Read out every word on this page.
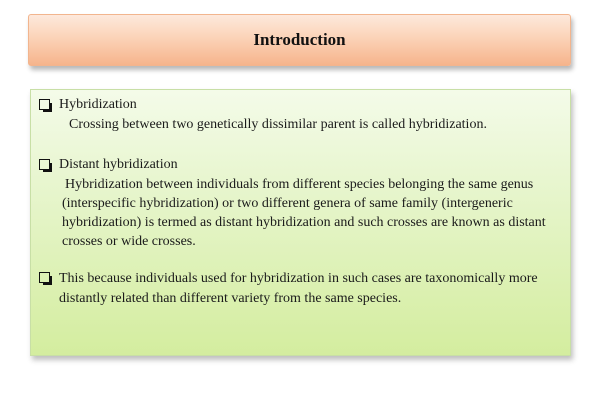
Introduction
Hybridization
Crossing between two genetically dissimilar parent is called hybridization.
Distant hybridization
Hybridization between individuals from different species belonging the same genus (interspecific hybridization) or two different genera of same family (intergeneric hybridization) is termed as distant hybridization and such crosses are known as distant crosses or wide crosses.
This because individuals used for hybridization in such cases are taxonomically more distantly related than different variety from the same species.
